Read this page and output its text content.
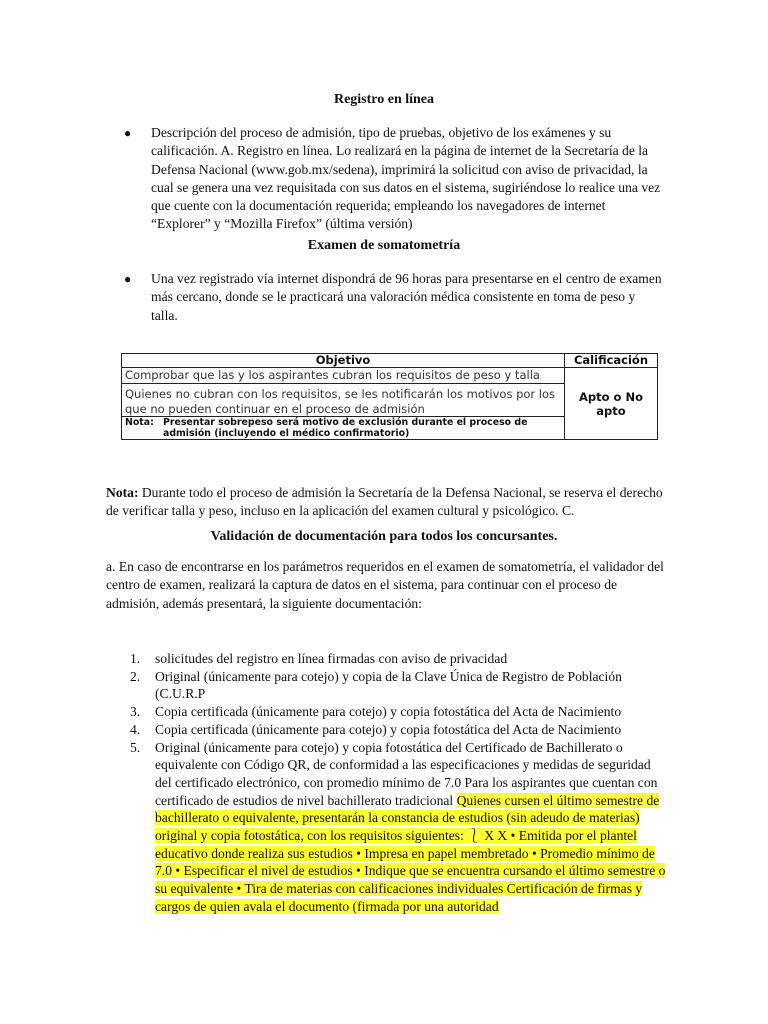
Registro en línea
● Descripción del proceso de admisión, tipo de pruebas, objetivo de los exámenes y su calificación. A. Registro en línea. Lo realizará en la página de internet de la Secretaría de la Defensa Nacional (www.gob.mx/sedena), imprimirá la solicitud con aviso de privacidad, la cual se genera una vez requisitada con sus datos en el sistema, sugiriéndose lo realice una vez que cuente con la documentación requerida; empleando los navegadores de internet “Explorer” y “Mozilla Firefox” (última versión)
Examen de somatometría
● Una vez registrado vía internet dispondrá de 96 horas para presentarse en el centro de examen más cercano, donde se le practicará una valoración médica consistente en toma de peso y talla.
Objetivo	Calificación
Comprobar que las y los aspirantes cubran los requisitos de peso y talla	Apto o No apto
Quienes no cubran con los requisitos, se les notificarán los motivos por los que no pueden continuar en el proceso de admisión	

Nota: Presentar sobrepeso será motivo de exclusión durante el proceso de
admisión (incluyendo el médico confirmatorio)	
Nota: Durante todo el proceso de admisión la Secretaría de la Defensa Nacional, se reserva el derecho de verificar talla y peso, incluso en la aplicación del examen cultural y psicológico. C.
Validación de documentación para todos los concursantes.
a. En caso de encontrarse en los parámetros requeridos en el examen de somatometría, el validador del centro de examen, realizará la captura de datos en el sistema, para continuar con el proceso de admisión, además presentará, la siguiente documentación:
1. solicitudes del registro en línea firmadas con aviso de privacidad
2. Original (únicamente para cotejo) y copia de la Clave Única de Registro de Población (C.U.R.P
3. Copia certificada (únicamente para cotejo) y copia fotostática del Acta de Nacimiento
4. Copia certificada (únicamente para cotejo) y copia fotostática del Acta de Nacimiento
5. Original (únicamente para cotejo) y copia fotostática del Certificado de Bachillerato o equivalente con Código QR, de conformidad a las especificaciones y medidas de seguridad del certificado electrónico, con promedio mínimo de 7.0 Para los aspirantes que cuentan con certificado de estudios de nivel bachillerato tradicional Quienes cursen el último semestre de bachillerato o equivalente, presentarán la constancia de estudios (sin adeudo de materias) original y copia fotostática, con los requisitos siguientes: ⎱ X X • Emitida por el plantel educativo donde realiza sus estudios • Impresa en papel membretado • Promedio mínimo de 7.0 • Especificar el nivel de estudios • Indique que se encuentra cursando el último semestre o su equivalente • Tira de materias con calificaciones individuales Certificación de firmas y cargos de quien avala el documento (firmada por una autoridad
